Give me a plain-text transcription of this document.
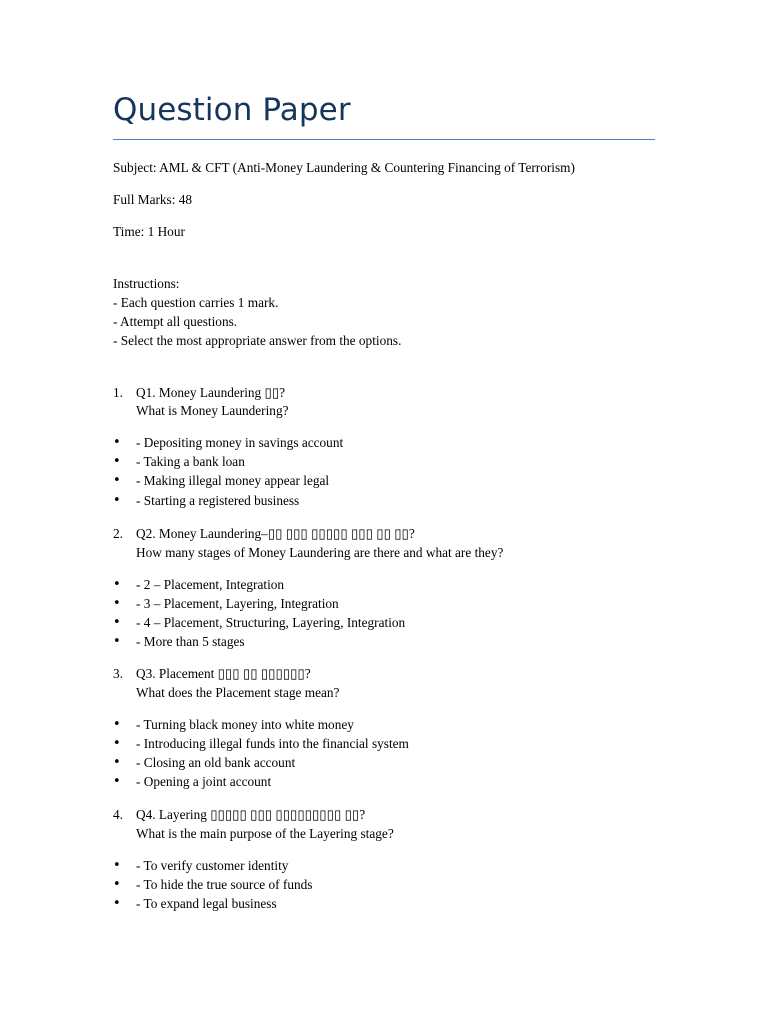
Question Paper
Subject: AML & CFT (Anti-Money Laundering & Countering Financing of Terrorism)
Full Marks: 48
Time: 1 Hour
Instructions:
- Each question carries 1 mark.
- Attempt all questions.
- Select the most appropriate answer from the options.
1. Q1. Money Laundering ▯▯?
What is Money Laundering?
• - Depositing money in savings account
• - Taking a bank loan
• - Making illegal money appear legal
• - Starting a registered business
2. Q2. Money Laundering–▯▯ ▯▯▯ ▯▯▯▯▯ ▯▯▯ ▯▯ ▯▯?
How many stages of Money Laundering are there and what are they?
• - 2 – Placement, Integration
• - 3 – Placement, Layering, Integration
• - 4 – Placement, Structuring, Layering, Integration
• - More than 5 stages
3. Q3. Placement ▯▯▯ ▯▯ ▯▯▯▯▯▯?
What does the Placement stage mean?
• - Turning black money into white money
• - Introducing illegal funds into the financial system
• - Closing an old bank account
• - Opening a joint account
4. Q4. Layering ▯▯▯▯▯ ▯▯▯ ▯▯▯▯▯▯▯▯▯ ▯▯?
What is the main purpose of the Layering stage?
• - To verify customer identity
• - To hide the true source of funds
• - To expand legal business
